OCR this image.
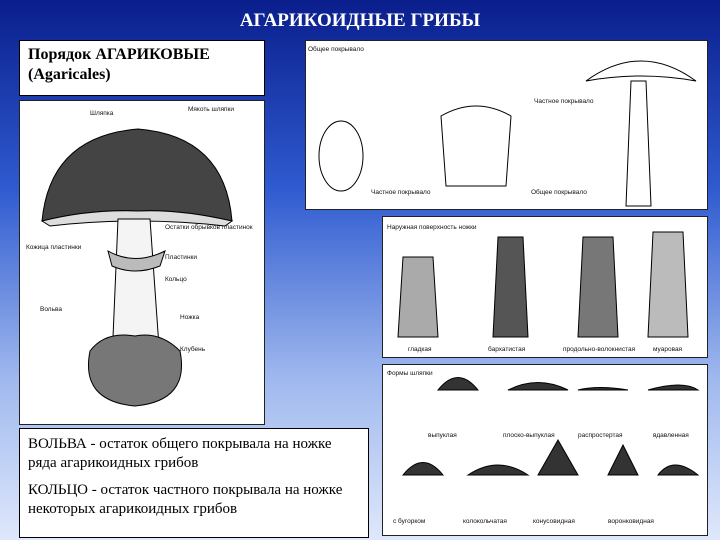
АГАРИКОИДНЫЕ ГРИБЫ
Порядок АГАРИКОВЫЕ
(Agaricales)
Шляпка
Мякоть шляпки
Кожица пластинки
Остатки обрывков пластинок
Пластинки
Кольцо
Вольва
Ножка
Клубень
Общее покрывало
Частное покрывало
Частное покрывало	Общее покрывало
Наружная поверхность ножки
гладкая	бархатистая	продольно-волокнистая	муаровая
Формы шляпки
выпуклая	плоско-выпуклая	распростертая	вдавленная
с бугорком	колокольчатая	конусовидная	воронковидная

ВОЛЬВА - остаток общего покрывала на ножке ряда агарикоидных грибов

КОЛЬЦО - остаток частного покрывала на ножке некоторых агарикоидных грибов
